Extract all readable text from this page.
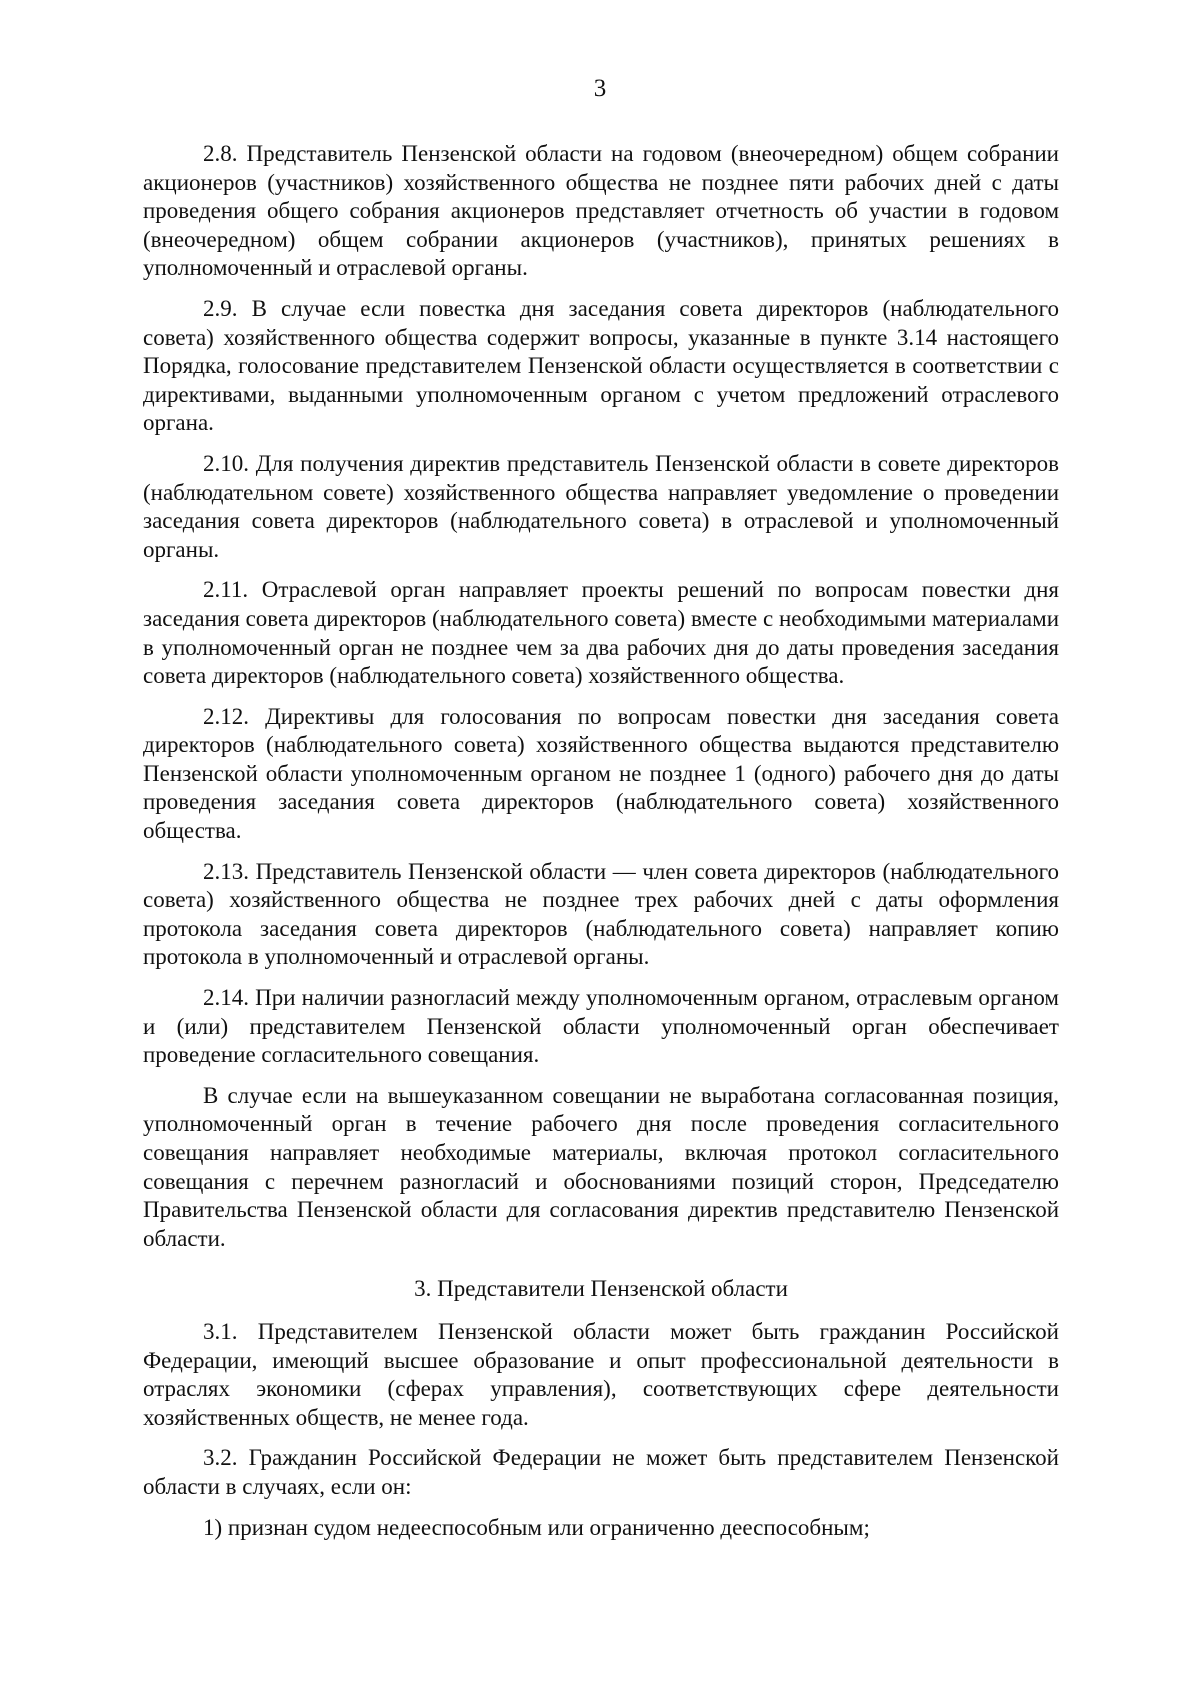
3

2.8. Представитель Пензенской области на годовом (внеочередном) общем собрании акционеров (участников) хозяйственного общества не позднее пяти рабочих дней с даты проведения общего собрания акционеров представляет отчетность об участии в годовом (внеочередном) общем собрании акционеров (участников), принятых решениях в уполномоченный и отраслевой органы.

2.9. В случае если повестка дня заседания совета директоров (наблюдательного совета) хозяйственного общества содержит вопросы, указанные в пункте 3.14 настоящего Порядка, голосование представителем Пензенской области осуществляется в соответствии с директивами, выданными уполномоченным органом с учетом предложений отраслевого органа.

2.10. Для получения директив представитель Пензенской области в совете директоров (наблюдательном совете) хозяйственного общества направляет уведомление о проведении заседания совета директоров (наблюдательного совета) в отраслевой и уполномоченный органы.

2.11. Отраслевой орган направляет проекты решений по вопросам повестки дня заседания совета директоров (наблюдательного совета) вместе с необходимыми материалами в уполномоченный орган не позднее чем за два рабочих дня до даты проведения заседания совета директоров (наблюдательного совета) хозяйственного общества.

2.12. Директивы для голосования по вопросам повестки дня заседания совета директоров (наблюдательного совета) хозяйственного общества выдаются представителю Пензенской области уполномоченным органом не позднее 1 (одного) рабочего дня до даты проведения заседания совета директоров (наблюдательного совета) хозяйственного общества.

2.13. Представитель Пензенской области — член совета директоров (наблюдательного совета) хозяйственного общества не позднее трех рабочих дней с даты оформления протокола заседания совета директоров (наблюдательного совета) направляет копию протокола в уполномоченный и отраслевой органы.

2.14. При наличии разногласий между уполномоченным органом, отраслевым органом и (или) представителем Пензенской области уполномоченный орган обеспечивает проведение согласительного совещания.

В случае если на вышеуказанном совещании не выработана согласованная позиция, уполномоченный орган в течение рабочего дня после проведения согласительного совещания направляет необходимые материалы, включая протокол согласительного совещания с перечнем разногласий и обоснованиями позиций сторон, Председателю Правительства Пензенской области для согласования директив представителю Пензенской области.

3. Представители Пензенской области

3.1. Представителем Пензенской области может быть гражданин Российской Федерации, имеющий высшее образование и опыт профессиональной деятельности в отраслях экономики (сферах управления), соответствующих сфере деятельности хозяйственных обществ, не менее года.

3.2. Гражданин Российской Федерации не может быть представителем Пензенской области в случаях, если он:

1) признан судом недееспособным или ограниченно дееспособным;
